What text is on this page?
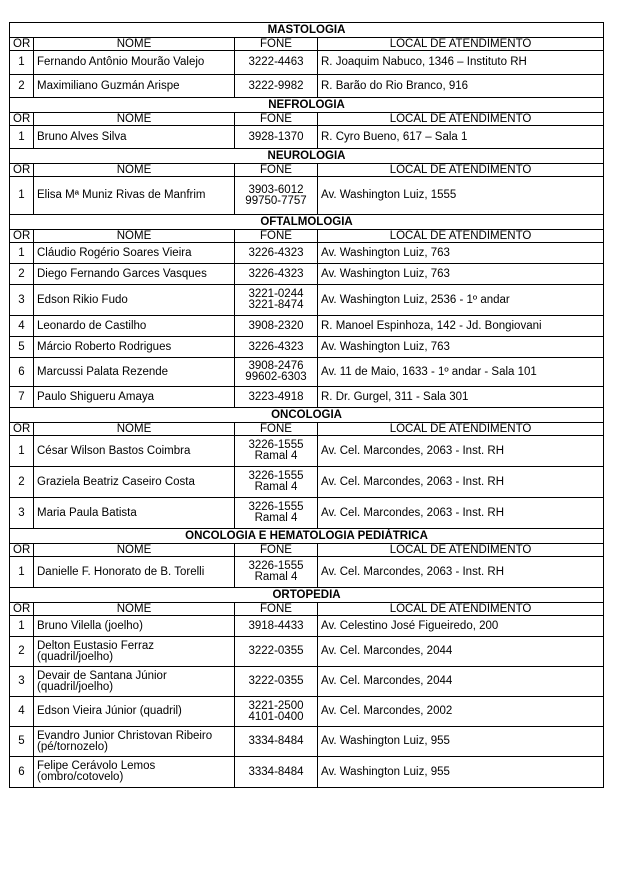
MASTOLOGIA			
OR	NOME	FONE	LOCAL DE ATENDIMENTO
1	Fernando Antônio Mourão Valejo	3222-4463	R. Joaquim Nabuco, 1346 – Instituto RH
2	Maximiliano Guzmán Arispe	3222-9982	R. Barão do Rio Branco, 916
NEFROLOGIA			
OR	NOME	FONE	LOCAL DE ATENDIMENTO
1	Bruno Alves Silva	3928-1370	R. Cyro Bueno, 617 – Sala 1
NEUROLOGIA			
OR	NOME	FONE	LOCAL DE ATENDIMENTO
1	Elisa Mª Muniz Rivas de Manfrim	3903-6012
99750-7757	Av. Washington Luiz, 1555
OFTALMOLOGIA			
OR	NOME	FONE	LOCAL DE ATENDIMENTO
1	Cláudio Rogério Soares Vieira	3226-4323	Av. Washington Luiz, 763
2	Diego Fernando Garces Vasques	3226-4323	Av. Washington Luiz, 763
3	Edson Rikio Fudo	3221-0244
3221-8474	Av. Washington Luiz, 2536 - 1º andar
4	Leonardo de Castilho	3908-2320	R. Manoel Espinhoza, 142 - Jd. Bongiovani
5	Márcio Roberto Rodrigues	3226-4323	Av. Washington Luiz, 763
6	Marcussi Palata Rezende	3908-2476
99602-6303	Av. 11 de Maio, 1633 - 1º andar - Sala 101
7	Paulo Shigueru Amaya	3223-4918	R. Dr. Gurgel, 311 - Sala 301
ONCOLOGIA			
OR	NOME	FONE	LOCAL DE ATENDIMENTO
1	César Wilson Bastos Coimbra	3226-1555
Ramal 4	Av. Cel. Marcondes, 2063 - Inst. RH
2	Graziela Beatriz Caseiro Costa	3226-1555
Ramal 4	Av. Cel. Marcondes, 2063 - Inst. RH
3	Maria Paula Batista	3226-1555
Ramal 4	Av. Cel. Marcondes, 2063 - Inst. RH
ONCOLOGIA E HEMATOLOGIA PEDIÁTRICA			
OR	NOME	FONE	LOCAL DE ATENDIMENTO
1	Danielle F. Honorato de B. Torelli	3226-1555
Ramal 4	Av. Cel. Marcondes, 2063 - Inst. RH
ORTOPEDIA			
OR	NOME	FONE	LOCAL DE ATENDIMENTO
1	Bruno Vilella (joelho)	3918-4433	Av. Celestino José Figueiredo, 200
2	Delton Eustasio Ferraz
(quadril/joelho)	3222-0355	Av. Cel. Marcondes, 2044
3	Devair de Santana Júnior
(quadril/joelho)	3222-0355	Av. Cel. Marcondes, 2044
4	Edson Vieira Júnior (quadril)	3221-2500
4101-0400	Av. Cel. Marcondes, 2002
5	Evandro Junior Christovan Ribeiro
(pé/tornozelo)	3334-8484	Av. Washington Luiz, 955
6	Felipe Cerávolo Lemos
(ombro/cotovelo)	3334-8484	Av. Washington Luiz, 955
